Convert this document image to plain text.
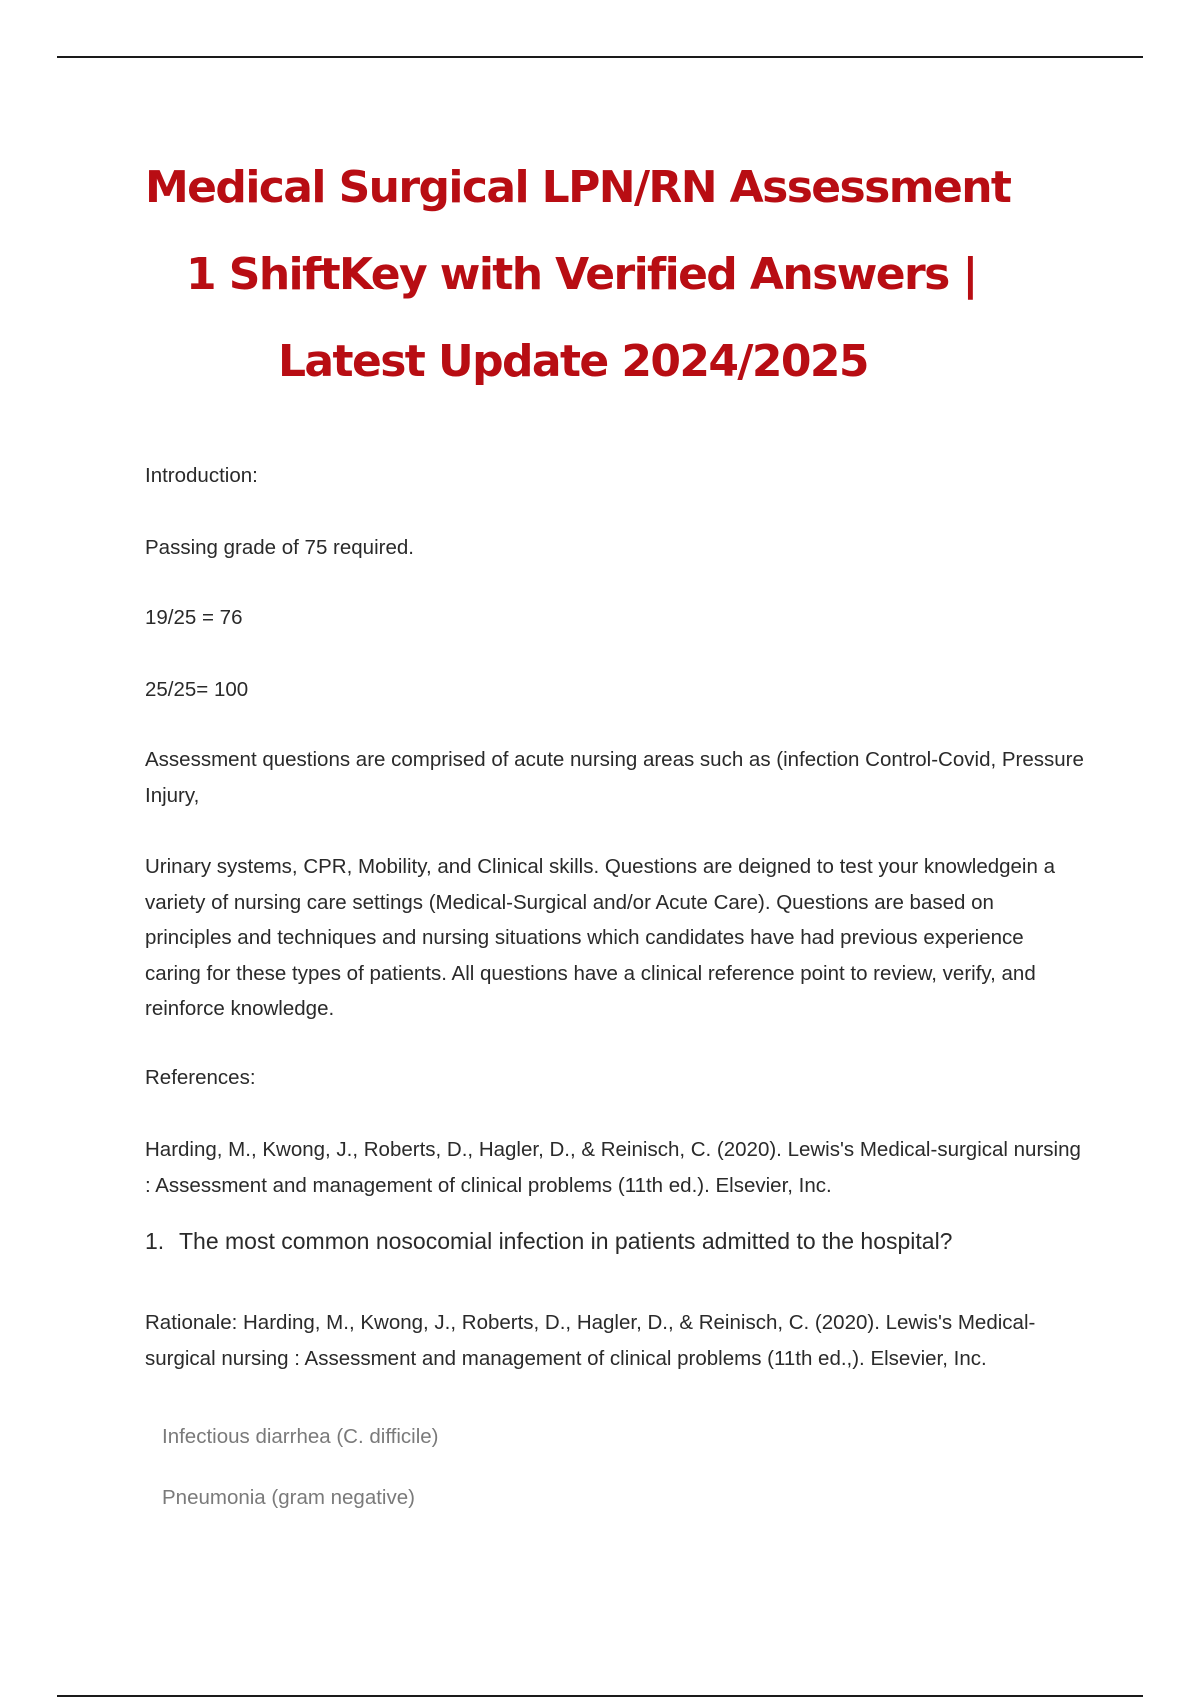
Medical Surgical LPN/RN Assessment
1 ShiftKey with Verified Answers |
Latest Update 2024/2025

Introduction:

Passing grade of 75 required.

19/25 = 76

25/25= 100

Assessment questions are comprised of acute nursing areas such as (infection Control-Covid, Pressure Injury,

Urinary systems, CPR, Mobility, and Clinical skills. Questions are deigned to test your knowledgein a variety of nursing care settings (Medical-Surgical and/or Acute Care). Questions are based on principles and techniques and nursing situations which candidates have had previous experience caring for these types of patients. All questions have a clinical reference point to review, verify, and reinforce knowledge.

References:

Harding, M., Kwong, J., Roberts, D., Hagler, D., & Reinisch, C. (2020). Lewis's Medical-surgical nursing : Assessment and management of clinical problems (11th ed.). Elsevier, Inc.

1. The most common nosocomial infection in patients admitted to the hospital?

Rationale: Harding, M., Kwong, J., Roberts, D., Hagler, D., & Reinisch, C. (2020). Lewis's Medical-surgical nursing : Assessment and management of clinical problems (11th ed.,). Elsevier, Inc.

Infectious diarrhea (C. difficile)

Pneumonia (gram negative)
